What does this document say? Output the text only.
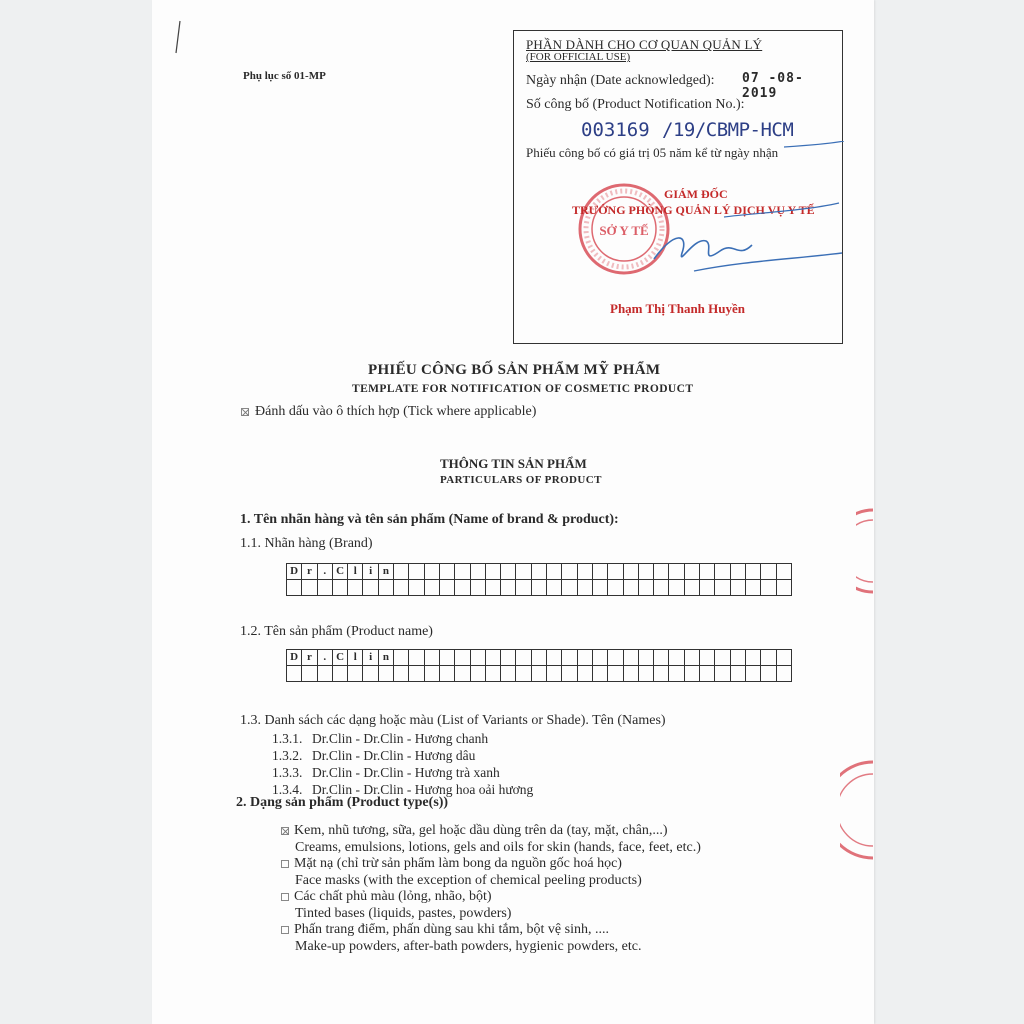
Phụ lục số 01-MP
PHẦN DÀNH CHO CƠ QUAN QUẢN LÝ
(FOR OFFICIAL USE)
Ngày nhận (Date acknowledged): 07 -08- 2019
Số công bố (Product Notification No.):
003169 /19/CBMP-HCM
Phiếu công bố có giá trị 05 năm kể từ ngày nhận
SỞ Y TẾ
GIÁM ĐỐC
TRƯỞNG PHÒNG QUẢN LÝ DỊCH VỤ Y TẾ
Phạm Thị Thanh Huyền
PHIẾU CÔNG BỐ SẢN PHẨM MỸ PHẨM
TEMPLATE FOR NOTIFICATION OF COSMETIC PRODUCT
Đánh dấu vào ô thích hợp (Tick where applicable)
THÔNG TIN SẢN PHẨM
PARTICULARS OF PRODUCT
1. Tên nhãn hàng và tên sản phẩm (Name of brand & product):
1.1. Nhãn hàng (Brand)
D	r	.	C	l	i	n																										

1.2. Tên sản phẩm (Product name)
D	r	.	C	l	i	n																										

1.3. Danh sách các dạng hoặc màu (List of Variants or Shade). Tên (Names)
1.3.1. Dr.Clin - Dr.Clin - Hương chanh
1.3.2. Dr.Clin - Dr.Clin - Hương dâu
1.3.3. Dr.Clin - Dr.Clin - Hương trà xanh
1.3.4. Dr.Clin - Dr.Clin - Hương hoa oải hương
2. Dạng sản phẩm (Product type(s))
Kem, nhũ tương, sữa, gel hoặc dầu dùng trên da (tay, mặt, chân,...)
Creams, emulsions, lotions, gels and oils for skin (hands, face, feet, etc.)
Mặt nạ (chỉ trừ sản phẩm làm bong da nguồn gốc hoá học)
Face masks (with the exception of chemical peeling products)
Các chất phủ màu (lỏng, nhão, bột)
Tinted bases (liquids, pastes, powders)
Phấn trang điểm, phấn dùng sau khi tắm, bột vệ sinh, ....
Make-up powders, after-bath powders, hygienic powders, etc.
